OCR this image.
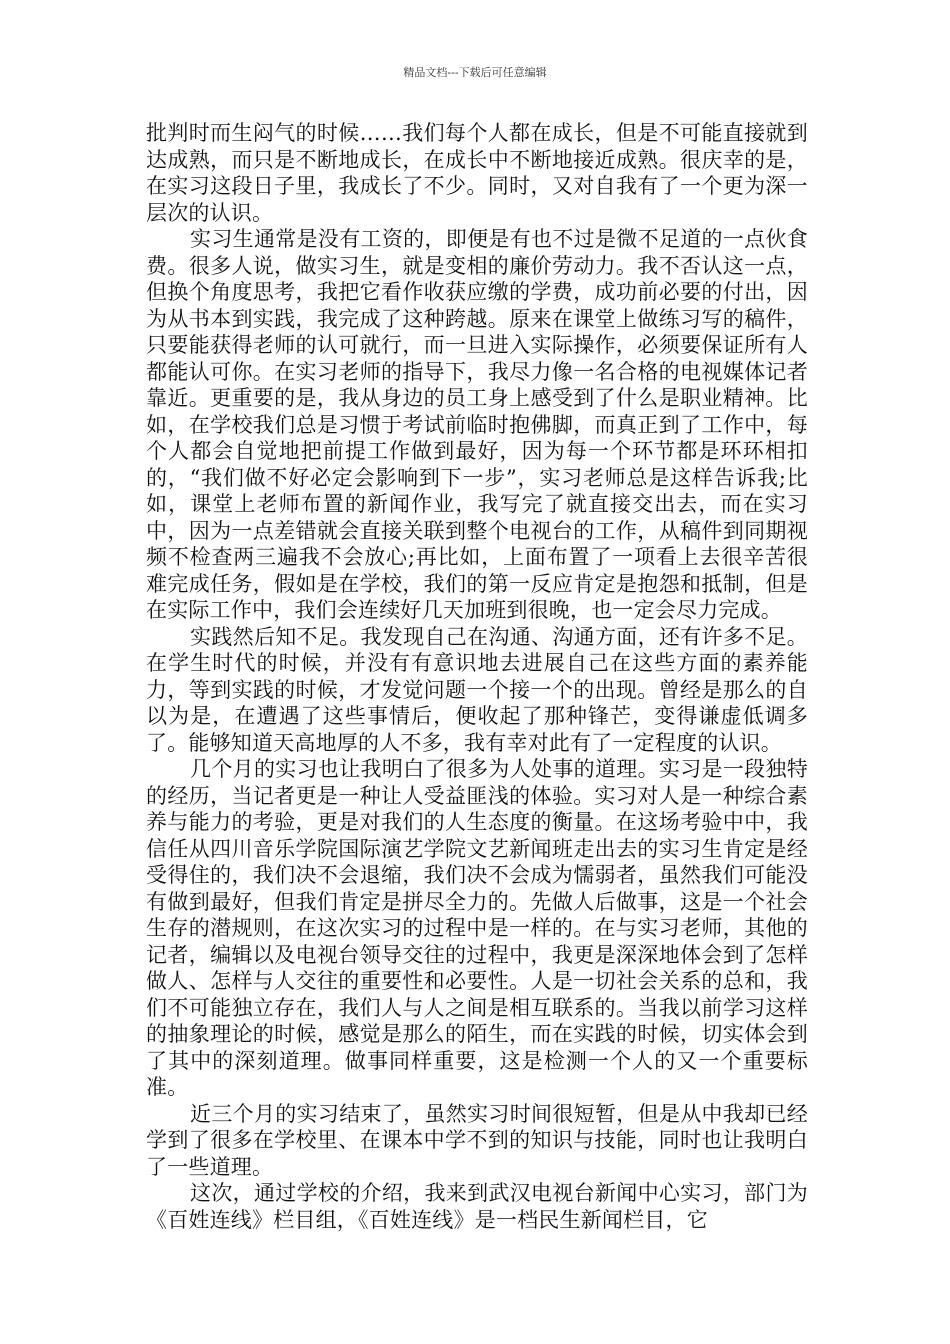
精品文档---下载后可任意编辑

批判时而生闷气的时候……我们每个人都在成长，但是不可能直接就到达成熟，而只是不断地成长，在成长中不断地接近成熟。很庆幸的是，在实习这段日子里，我成长了不少。同时，又对自我有了一个更为深一层次的认识。

实习生通常是没有工资的，即便是有也不过是微不足道的一点伙食费。很多人说，做实习生，就是变相的廉价劳动力。我不否认这一点，但换个角度思考，我把它看作收获应缴的学费，成功前必要的付出，因为从书本到实践，我完成了这种跨越。原来在课堂上做练习写的稿件，只要能获得老师的认可就行，而一旦进入实际操作，必须要保证所有人都能认可你。在实习老师的指导下，我尽力像一名合格的电视媒体记者靠近。更重要的是，我从身边的员工身上感受到了什么是职业精神。比如，在学校我们总是习惯于考试前临时抱佛脚，而真正到了工作中，每个人都会自觉地把前提工作做到最好，因为每一个环节都是环环相扣的，“我们做不好必定会影响到下一步”，实习老师总是这样告诉我;比如，课堂上老师布置的新闻作业，我写完了就直接交出去，而在实习中，因为一点差错就会直接关联到整个电视台的工作，从稿件到同期视频不检查两三遍我不会放心;再比如，上面布置了一项看上去很辛苦很难完成任务，假如是在学校，我们的第一反应肯定是抱怨和抵制，但是在实际工作中，我们会连续好几天加班到很晚，也一定会尽力完成。

实践然后知不足。我发现自己在沟通、沟通方面，还有许多不足。在学生时代的时候，并没有有意识地去进展自己在这些方面的素养能力，等到实践的时候，才发觉问题一个接一个的出现。曾经是那么的自以为是，在遭遇了这些事情后，便收起了那种锋芒，变得谦虚低调多了。能够知道天高地厚的人不多，我有幸对此有了一定程度的认识。

几个月的实习也让我明白了很多为人处事的道理。实习是一段独特的经历，当记者更是一种让人受益匪浅的体验。实习对人是一种综合素养与能力的考验，更是对我们的人生态度的衡量。在这场考验中中，我信任从四川音乐学院国际演艺学院文艺新闻班走出去的实习生肯定是经受得住的，我们决不会退缩，我们决不会成为懦弱者，虽然我们可能没有做到最好，但我们肯定是拼尽全力的。先做人后做事，这是一个社会生存的潜规则，在这次实习的过程中是一样的。在与实习老师，其他的记者，编辑以及电视台领导交往的过程中，我更是深深地体会到了怎样做人、怎样与人交往的重要性和必要性。人是一切社会关系的总和，我们不可能独立存在，我们人与人之间是相互联系的。当我以前学习这样的抽象理论的时候，感觉是那么的陌生，而在实践的时候，切实体会到了其中的深刻道理。做事同样重要，这是检测一个人的又一个重要标准。

近三个月的实习结束了，虽然实习时间很短暂，但是从中我却已经学到了很多在学校里、在课本中学不到的知识与技能，同时也让我明白了一些道理。

这次，通过学校的介绍，我来到武汉电视台新闻中心实习，部门为《百姓连线》栏目组，《百姓连线》是一档民生新闻栏目，它
